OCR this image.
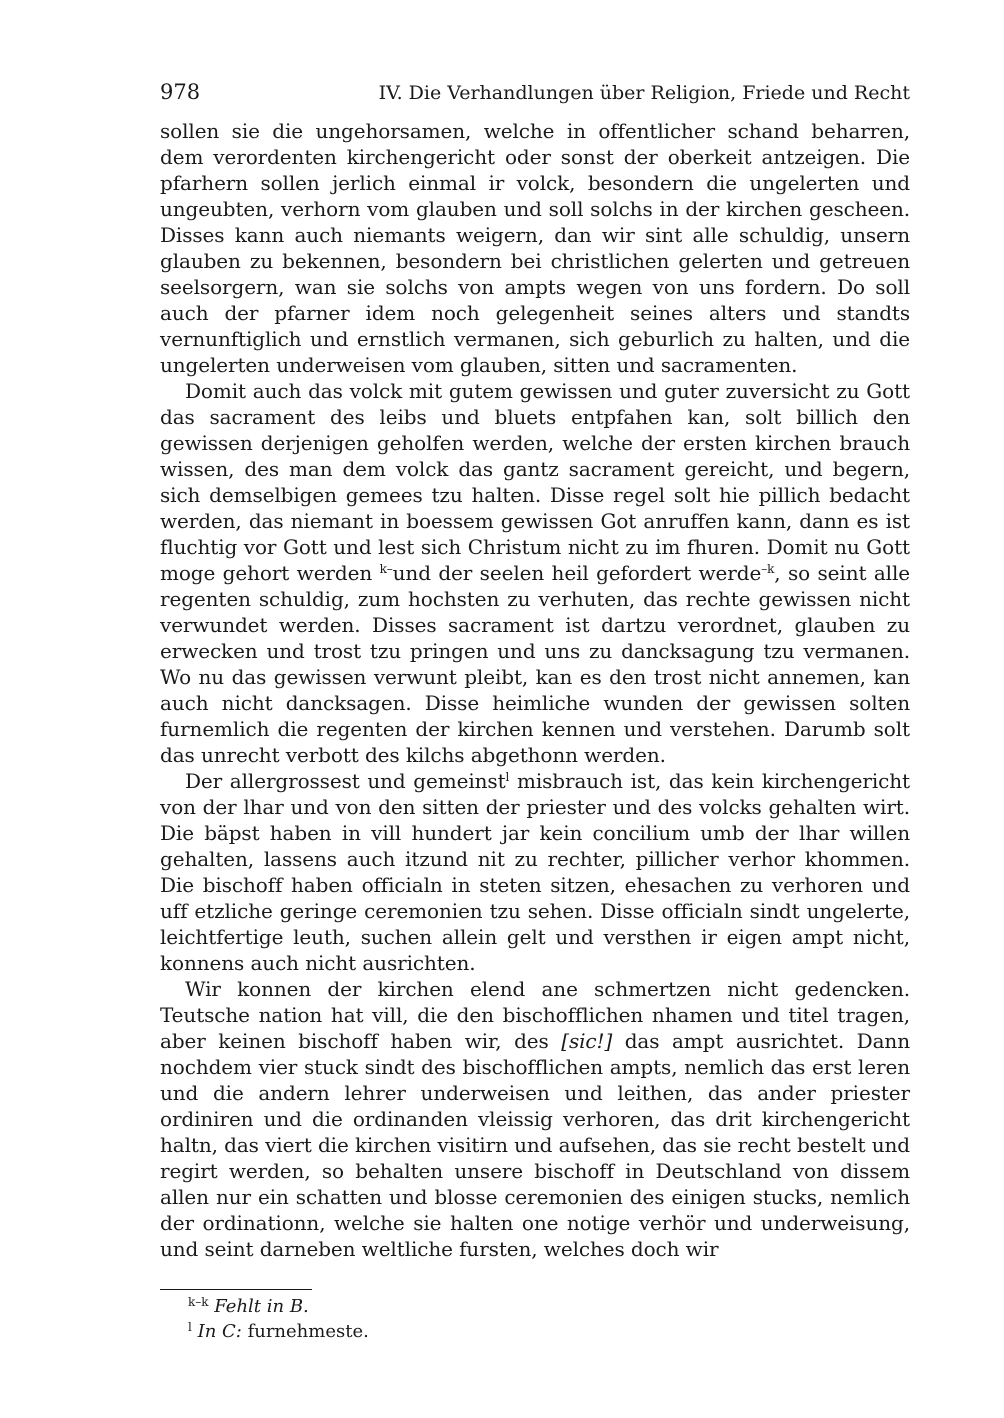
978	IV. Die Verhandlungen über Religion, Friede und Recht

sollen sie die ungehorsamen, welche in offentlicher schand beharren, dem verordenten kirchengericht oder sonst der oberkeit antzeigen. Die pfarhern sollen jerlich einmal ir volck, besondern die ungelerten und ungeubten, verhorn vom glauben und soll solchs in der kirchen gescheen. Disses kann auch niemants weigern, dan wir sint alle schuldig, unsern glauben zu bekennen, besondern bei christlichen gelerten und getreuen seelsorgern, wan sie solchs von ampts wegen von uns fordern. Do soll auch der pfarner idem noch gelegenheit seines alters und standts vernunftiglich und ernstlich vermanen, sich geburlich zu halten, und die ungelerten underweisen vom glauben, sitten und sacramenten.

Domit auch das volck mit gutem gewissen und guter zuversicht zu Gott das sacrament des leibs und bluets entpfahen kan, solt billich den gewissen derjenigen geholfen werden, welche der ersten kirchen brauch wissen, des man dem volck das gantz sacrament gereicht, und begern, sich demselbigen gemees tzu halten. Disse regel solt hie pillich bedacht werden, das niemant in boessem gewissen Got anruffen kann, dann es ist fluchtig vor Gott und lest sich Christum nicht zu im fhuren. Domit nu Gott moge gehort werden $^{k-}$und der seelen heil gefordert werde$^{-k}$, so seint alle regenten schuldig, zum hochsten zu verhuten, das rechte gewissen nicht verwundet werden. Disses sacrament ist dartzu verordnet, glauben zu erwecken und trost tzu pringen und uns zu dancksagung tzu vermanen. Wo nu das gewissen verwunt pleibt, kan es den trost nicht annemen, kan auch nicht dancksagen. Disse heimliche wunden der gewissen solten furnemlich die regenten der kirchen kennen und verstehen. Darumb solt das unrecht verbott des kilchs abgethonn werden.

Der allergrossest und gemeinst$^l$ misbrauch ist, das kein kirchengericht von der lhar und von den sitten der priester und des volcks gehalten wirt. Die bäpst haben in vill hundert jar kein concilium umb der lhar willen gehalten, lassens auch itzund nit zu rechter, pillicher verhor khommen. Die bischoff haben officialn in steten sitzen, ehesachen zu verhoren und uff etzliche geringe ceremonien tzu sehen. Disse officialn sindt ungelerte, leichtfertige leuth, suchen allein gelt und versthen ir eigen ampt nicht, konnens auch nicht ausrichten.

Wir konnen der kirchen elend ane schmertzen nicht gedencken. Teutsche nation hat vill, die den bischofflichen nhamen und titel tragen, aber keinen bischoff haben wir, des [sic!] das ampt ausrichtet. Dann nochdem vier stuck sindt des bischofflichen ampts, nemlich das erst leren und die andern lehrer underweisen und leithen, das ander priester ordiniren und die ordinanden vleissig verhoren, das drit kirchengericht haltn, das viert die kirchen visitirn und aufsehen, das sie recht bestelt und regirt werden, so behalten unsere bischoff in Deutschland von dissem allen nur ein schatten und blosse ceremonien des einigen stucks, nemlich der ordinationn, welche sie halten one notige verhör und underweisung, und seint darneben weltliche fursten, welches doch wir

$^{k-k}$ Fehlt in B.
$^l$ In C: furnehmeste.
